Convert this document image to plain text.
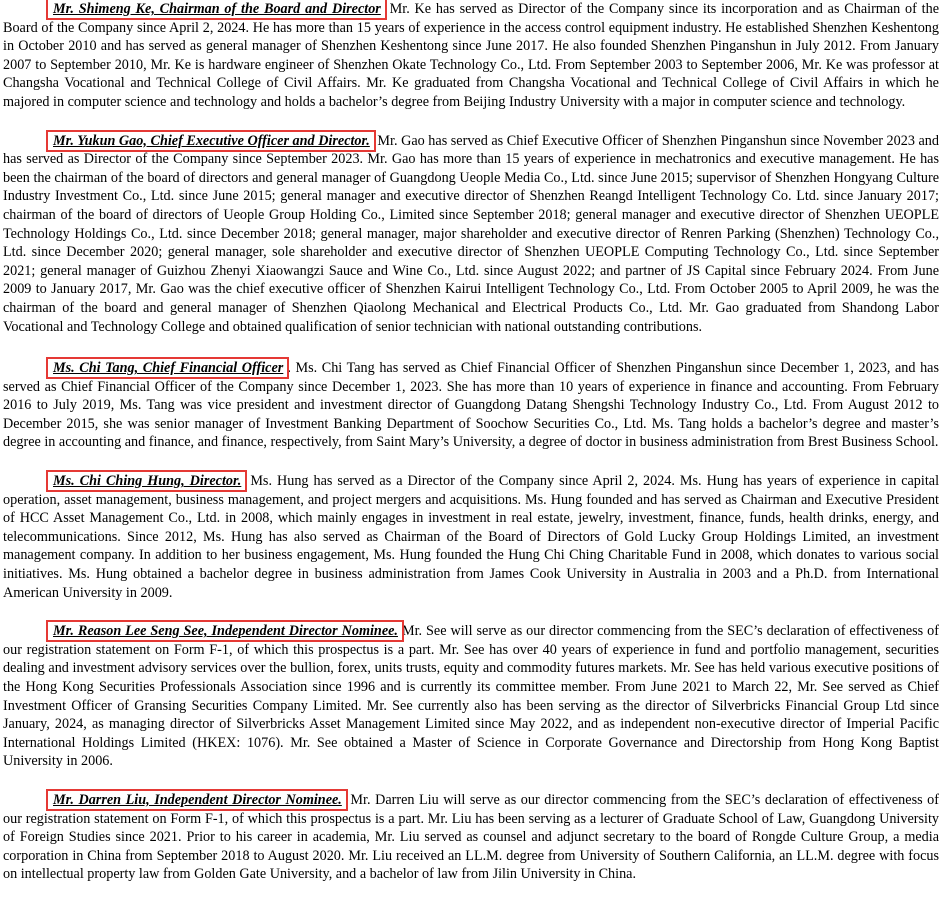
Mr. Shimeng Ke, Chairman of the Board and Director Mr. Ke has served as Director of the Company since its incorporation and as Chairman of the Board of the Company since April 2, 2024. He has more than 15 years of experience in the access control equipment industry. He established Shenzhen Keshentong in October 2010 and has served as general manager of Shenzhen Keshentong since June 2017. He also founded Shenzhen Pinganshun in July 2012. From January 2007 to September 2010, Mr. Ke is hardware engineer of Shenzhen Okate Technology Co., Ltd. From September 2003 to September 2006, Mr. Ke was professor at Changsha Vocational and Technical College of Civil Affairs. Mr. Ke graduated from Changsha Vocational and Technical College of Civil Affairs in which he majored in computer science and technology and holds a bachelor’s degree from Beijing Industry University with a major in computer science and technology.

Mr. Yukun Gao, Chief Executive Officer and Director. Mr. Gao has served as Chief Executive Officer of Shenzhen Pinganshun since November 2023 and has served as Director of the Company since September 2023. Mr. Gao has more than 15 years of experience in mechatronics and executive management. He has been the chairman of the board of directors and general manager of Guangdong Ueople Media Co., Ltd. since June 2015; supervisor of Shenzhen Hongyang Culture Industry Investment Co., Ltd. since June 2015; general manager and executive director of Shenzhen Reangd Intelligent Technology Co. Ltd. since January 2017; chairman of the board of directors of Ueople Group Holding Co., Limited since September 2018; general manager and executive director of Shenzhen UEOPLE Technology Holdings Co., Ltd. since December 2018; general manager, major shareholder and executive director of Renren Parking (Shenzhen) Technology Co., Ltd. since December 2020; general manager, sole shareholder and executive director of Shenzhen UEOPLE Computing Technology Co., Ltd. since September 2021; general manager of Guizhou Zhenyi Xiaowangzi Sauce and Wine Co., Ltd. since August 2022; and partner of JS Capital since February 2024. From June 2009 to January 2017, Mr. Gao was the chief executive officer of Shenzhen Kairui Intelligent Technology Co., Ltd. From October 2005 to April 2009, he was the chairman of the board and general manager of Shenzhen Qiaolong Mechanical and Electrical Products Co., Ltd. Mr. Gao graduated from Shandong Labor Vocational and Technology College and obtained qualification of senior technician with national outstanding contributions.

Ms. Chi Tang, Chief Financial Officer . Ms. Chi Tang has served as Chief Financial Officer of Shenzhen Pinganshun since December 1, 2023, and has served as Chief Financial Officer of the Company since December 1, 2023. She has more than 10 years of experience in finance and accounting. From February 2016 to July 2019, Ms. Tang was vice president and investment director of Guangdong Datang Shengshi Technology Industry Co., Ltd. From August 2012 to December 2015, she was senior manager of Investment Banking Department of Soochow Securities Co., Ltd. Ms. Tang holds a bachelor’s degree and master’s degree in accounting and finance, and finance, respectively, from Saint Mary’s University, a degree of doctor in business administration from Brest Business School.

Ms. Chi Ching Hung, Director. Ms. Hung has served as a Director of the Company since April 2, 2024. Ms. Hung has years of experience in capital operation, asset management, business management, and project mergers and acquisitions. Ms. Hung founded and has served as Chairman and Executive President of HCC Asset Management Co., Ltd. in 2008, which mainly engages in investment in real estate, jewelry, investment, finance, funds, health drinks, energy, and telecommunications. Since 2012, Ms. Hung has also served as Chairman of the Board of Directors of Gold Lucky Group Holdings Limited, an investment management company. In addition to her business engagement, Ms. Hung founded the Hung Chi Ching Charitable Fund in 2008, which donates to various social initiatives. Ms. Hung obtained a bachelor degree in business administration from James Cook University in Australia in 2003 and a Ph.D. from International American University in 2009.

Mr. Reason Lee Seng See, Independent Director Nominee. Mr. See will serve as our director commencing from the SEC’s declaration of effectiveness of our registration statement on Form F-1, of which this prospectus is a part. Mr. See has over 40 years of experience in fund and portfolio management, securities dealing and investment advisory services over the bullion, forex, units trusts, equity and commodity futures markets. Mr. See has held various executive positions of the Hong Kong Securities Professionals Association since 1996 and is currently its committee member. From June 2021 to March 22, Mr. See served as Chief Investment Officer of Gransing Securities Company Limited. Mr. See currently also has been serving as the director of Silverbricks Financial Group Ltd since January, 2024, as managing director of Silverbricks Asset Management Limited since May 2022, and as independent non-executive director of Imperial Pacific International Holdings Limited (HKEX: 1076). Mr. See obtained a Master of Science in Corporate Governance and Directorship from Hong Kong Baptist University in 2006.

Mr. Darren Liu, Independent Director Nominee. Mr. Darren Liu will serve as our director commencing from the SEC’s declaration of effectiveness of our registration statement on Form F-1, of which this prospectus is a part. Mr. Liu has been serving as a lecturer of Graduate School of Law, Guangdong University of Foreign Studies since 2021. Prior to his career in academia, Mr. Liu served as counsel and adjunct secretary to the board of Rongde Culture Group, a media corporation in China from September 2018 to August 2020. Mr. Liu received an LL.M. degree from University of Southern California, an LL.M. degree with focus on intellectual property law from Golden Gate University, and a bachelor of law from Jilin University in China.
